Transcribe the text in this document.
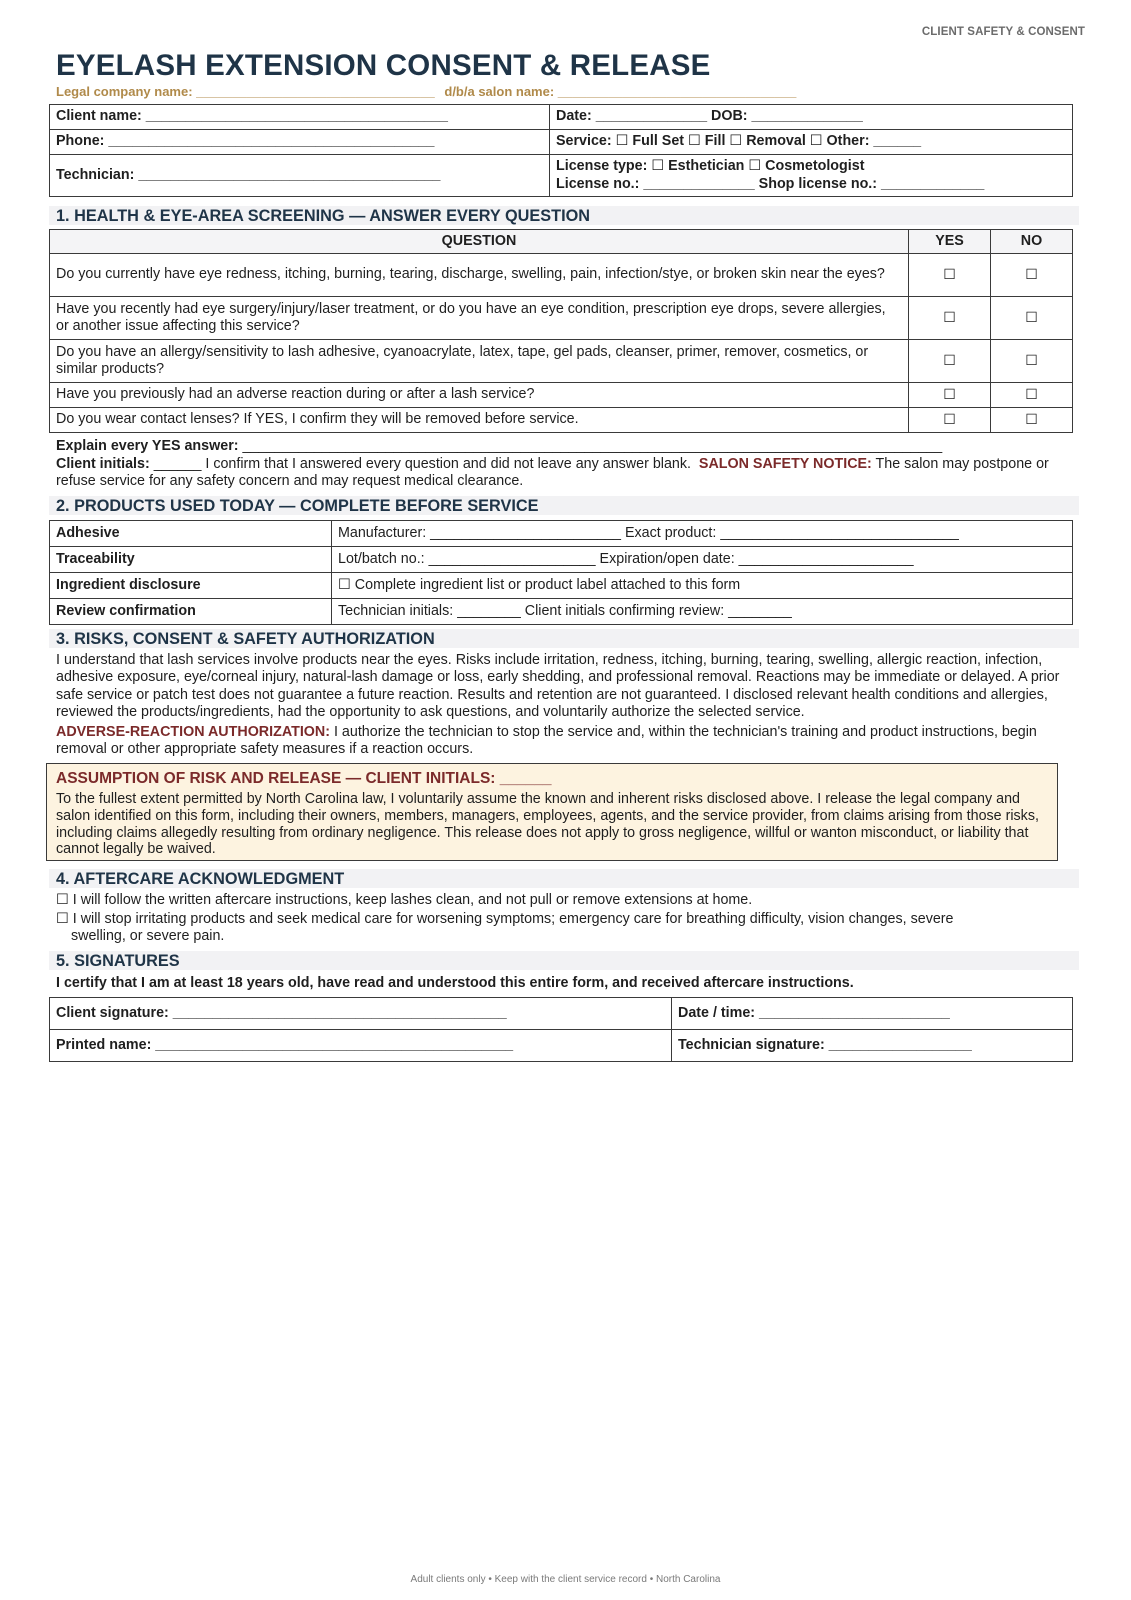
CLIENT SAFETY & CONSENT
EYELASH EXTENSION CONSENT & RELEASE
Legal company name: _________________________________ d/b/a salon name: _________________________________
Client name: ______________________________________	Date: ______________ DOB: ______________
Phone: _________________________________________	Service: ☐ Full Set ☐ Fill ☐ Removal ☐ Other: ______
Technician: ______________________________________	License type: ☐ Esthetician ☐ Cosmetologist
License no.: ______________ Shop license no.: _____________
1. HEALTH & EYE-AREA SCREENING — ANSWER EVERY QUESTION
QUESTION	YES	NO
Do you currently have eye redness, itching, burning, tearing, discharge, swelling, pain, infection/stye, or broken skin near the eyes?	☐	☐
Have you recently had eye surgery/injury/laser treatment, or do you have an eye condition, prescription eye drops, severe allergies, or another issue affecting this service?	☐	☐
Do you have an allergy/sensitivity to lash adhesive, cyanoacrylate, latex, tape, gel pads, cleanser, primer, remover, cosmetics, or similar products?	☐	☐
Have you previously had an adverse reaction during or after a lash service?	☐	☐
Do you wear contact lenses? If YES, I confirm they will be removed before service.	☐	☐
Explain every YES answer: ________________________________________________________________________________________
Client initials: ______ I confirm that I answered every question and did not leave any answer blank. SALON SAFETY NOTICE: The salon may postpone or refuse service for any safety concern and may request medical clearance.
2. PRODUCTS USED TODAY — COMPLETE BEFORE SERVICE
Adhesive	Manufacturer: ________________________ Exact product: ______________________________
Traceability	Lot/batch no.: _____________________ Expiration/open date: ______________________
Ingredient disclosure	☐ Complete ingredient list or product label attached to this form
Review confirmation	Technician initials: ________ Client initials confirming review: ________
3. RISKS, CONSENT & SAFETY AUTHORIZATION
I understand that lash services involve products near the eyes. Risks include irritation, redness, itching, burning, tearing, swelling, allergic reaction, infection, adhesive exposure, eye/corneal injury, natural-lash damage or loss, early shedding, and professional removal. Reactions may be immediate or delayed. A prior safe service or patch test does not guarantee a future reaction. Results and retention are not guaranteed. I disclosed relevant health conditions and allergies, reviewed the products/ingredients, had the opportunity to ask questions, and voluntarily authorize the selected service.
ADVERSE-REACTION AUTHORIZATION: I authorize the technician to stop the service and, within the technician's training and product instructions, begin removal or other appropriate safety measures if a reaction occurs.
ASSUMPTION OF RISK AND RELEASE — CLIENT INITIALS: ______
To the fullest extent permitted by North Carolina law, I voluntarily assume the known and inherent risks disclosed above. I release the legal company and salon identified on this form, including their owners, members, managers, employees, agents, and the service provider, from claims arising from those risks, including claims allegedly resulting from ordinary negligence. This release does not apply to gross negligence, willful or wanton misconduct, or liability that cannot legally be waived.
4. AFTERCARE ACKNOWLEDGMENT
☐ I will follow the written aftercare instructions, keep lashes clean, and not pull or remove extensions at home.
☐ I will stop irritating products and seek medical care for worsening symptoms; emergency care for breathing difficulty, vision changes, severe
swelling, or severe pain.
5. SIGNATURES
I certify that I am at least 18 years old, have read and understood this entire form, and received aftercare instructions.
Client signature: __________________________________________	Date / time: ________________________
Printed name: _____________________________________________	Technician signature: __________________
Adult clients only • Keep with the client service record • North Carolina
